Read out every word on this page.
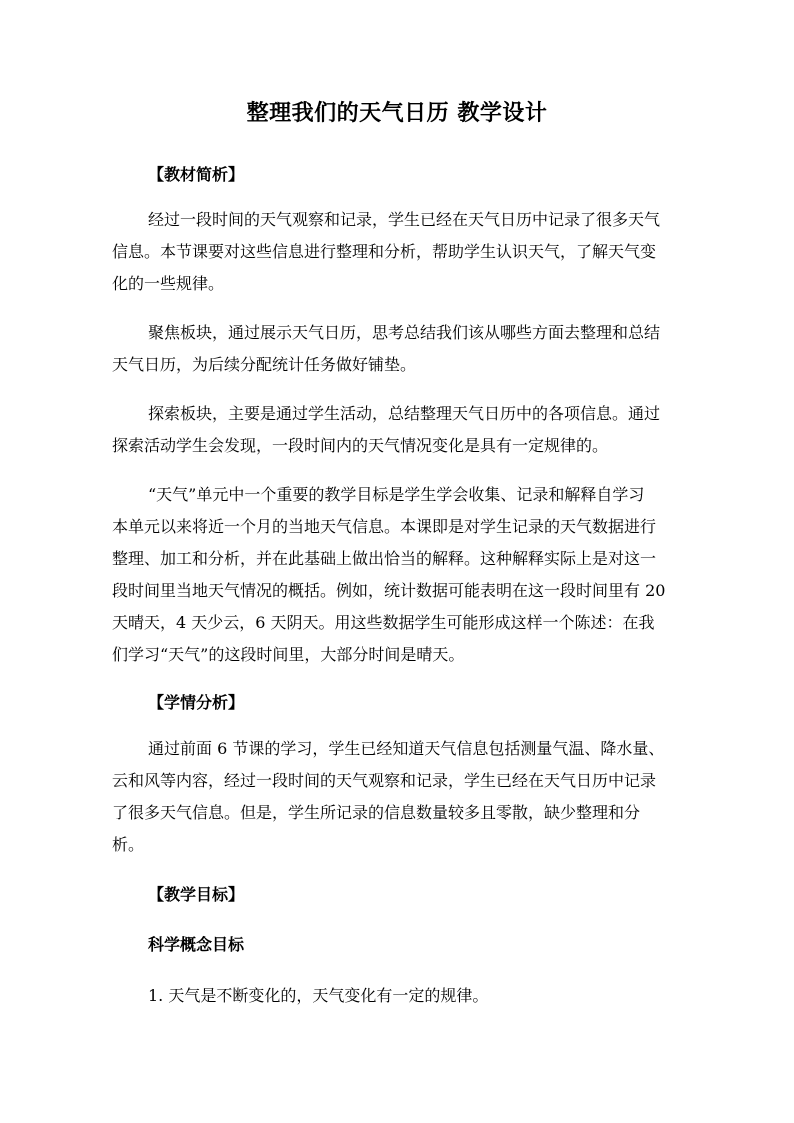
整理我们的天气日历 教学设计
【教材简析】
经过一段时间的天气观察和记录，学生已经在天气日历中记录了很多天气
信息。本节课要对这些信息进行整理和分析，帮助学生认识天气，了解天气变
化的一些规律。
聚焦板块，通过展示天气日历，思考总结我们该从哪些方面去整理和总结
天气日历，为后续分配统计任务做好铺垫。
探索板块，主要是通过学生活动，总结整理天气日历中的各项信息。通过
探索活动学生会发现，一段时间内的天气情况变化是具有一定规律的。
“天气”单元中一个重要的教学目标是学生学会收集、记录和解释自学习
本单元以来将近一个月的当地天气信息。本课即是对学生记录的天气数据进行
整理、加工和分析，并在此基础上做出恰当的解释。这种解释实际上是对这一
段时间里当地天气情况的概括。例如，统计数据可能表明在这一段时间里有 20
天晴天，4 天少云，6 天阴天。用这些数据学生可能形成这样一个陈述：在我
们学习“天气”的这段时间里，大部分时间是晴天。
【学情分析】
通过前面 6 节课的学习，学生已经知道天气信息包括测量气温、降水量、
云和风等内容，经过一段时间的天气观察和记录，学生已经在天气日历中记录
了很多天气信息。但是，学生所记录的信息数量较多且零散，缺少整理和分
析。
【教学目标】
科学概念目标
1. 天气是不断变化的，天气变化有一定的规律。
